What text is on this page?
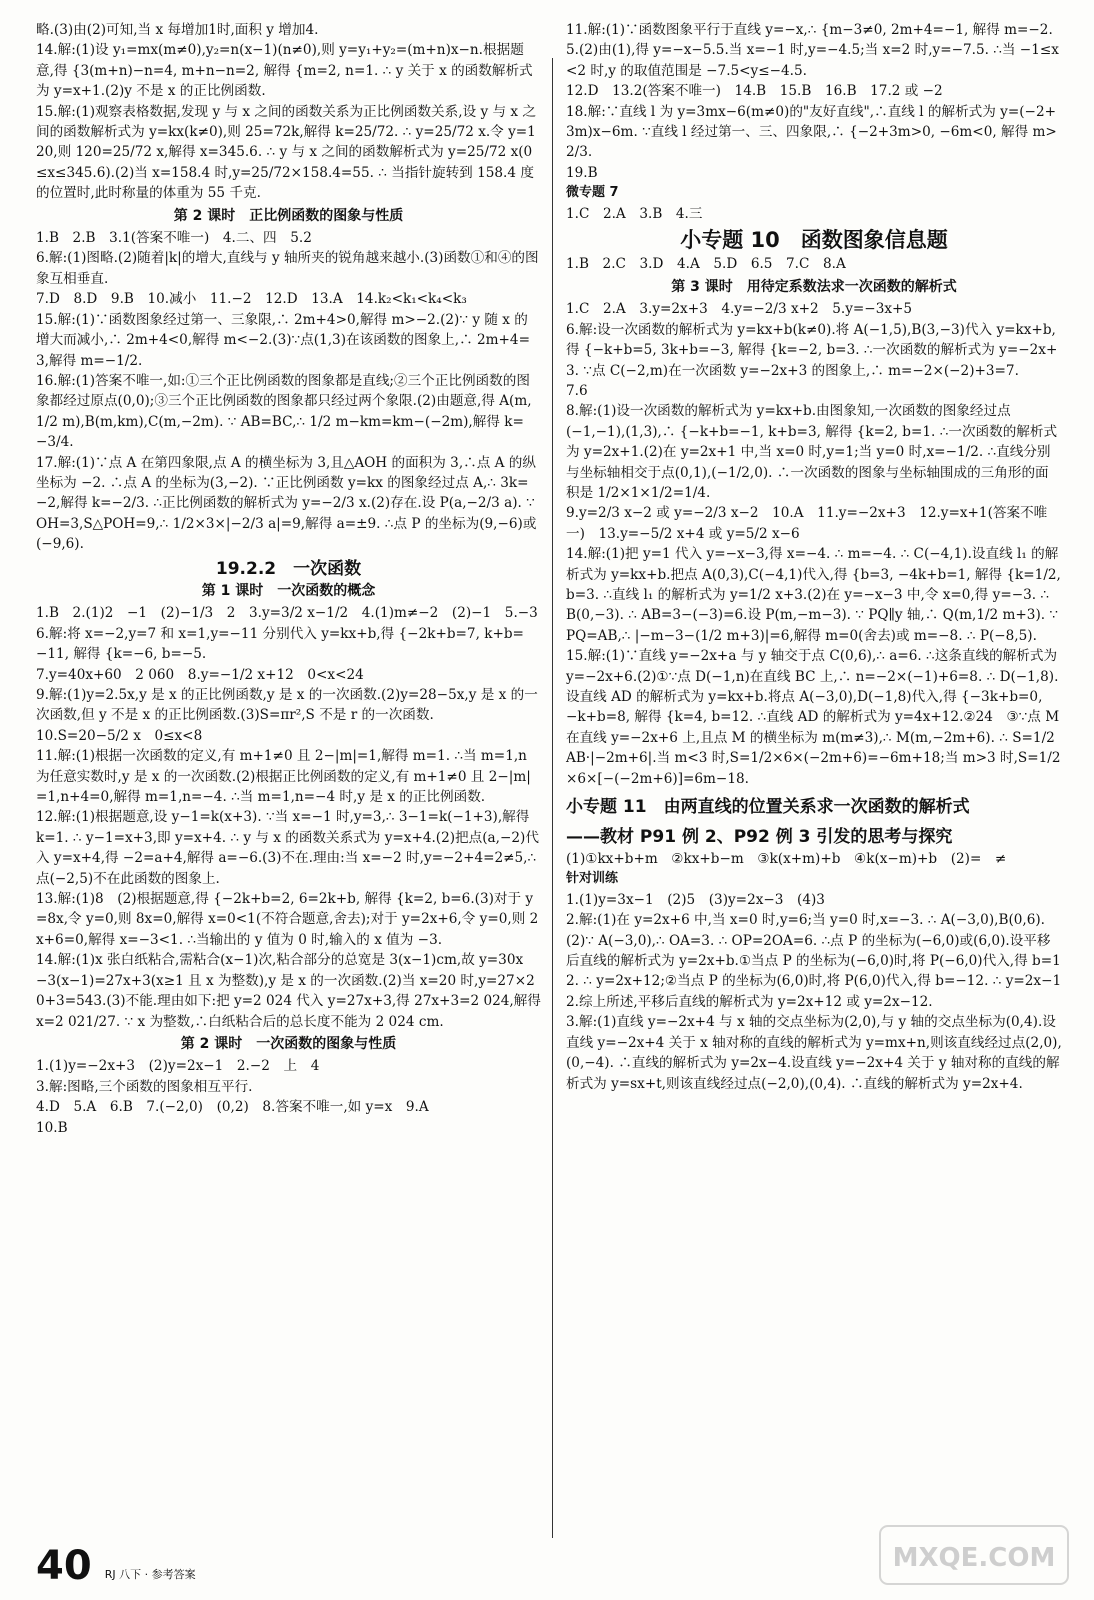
略.(3)由(2)可知,当 x 每增加1时,面积 y 增加4.

14.解:(1)设 y₁=mx(m≠0),y₂=n(x−1)(n≠0),则 y=y₁+y₂=(m+n)x−n.根据题意,得 {3(m+n)−n=4, m+n−n=2, 解得 {m=2, n=1. ∴ y 关于 x 的函数解析式为 y=x+1.(2)y 不是 x 的正比例函数.

15.解:(1)观察表格数据,发现 y 与 x 之间的函数关系为正比例函数关系,设 y 与 x 之间的函数解析式为 y=kx(k≠0),则 25=72k,解得 k=25/72. ∴ y=25/72 x.令 y=120,则 120=25/72 x,解得 x=345.6. ∴ y 与 x 之间的函数解析式为 y=25/72 x(0≤x≤345.6).(2)当 x=158.4 时,y=25/72×158.4=55. ∴ 当指针旋转到 158.4 度的位置时,此时称量的体重为 55 千克.

第 2 课时　正比例函数的图象与性质

1.B　2.B　3.1(答案不唯一)　4.二、四　5.2

6.解:(1)图略.(2)随着|k|的增大,直线与 y 轴所夹的锐角越来越小.(3)函数①和④的图象互相垂直.

7.D　8.D　9.B　10.减小　11.−2　12.D　13.A　14.k₂<k₁<k₄<k₃

15.解:(1)∵函数图象经过第一、三象限,∴ 2m+4>0,解得 m>−2.(2)∵ y 随 x 的增大而减小,∴ 2m+4<0,解得 m<−2.(3)∵点(1,3)在该函数的图象上,∴ 2m+4=3,解得 m=−1/2.

16.解:(1)答案不唯一,如:①三个正比例函数的图象都是直线;②三个正比例函数的图象都经过原点(0,0);③三个正比例函数的图象都只经过两个象限.(2)由题意,得 A(m,1/2 m),B(m,km),C(m,−2m). ∵ AB=BC,∴ 1/2 m−km=km−(−2m),解得 k=−3/4.

17.解:(1)∵点 A 在第四象限,点 A 的横坐标为 3,且△AOH 的面积为 3,∴点 A 的纵坐标为 −2. ∴点 A 的坐标为(3,−2). ∵正比例函数 y=kx 的图象经过点 A,∴ 3k=−2,解得 k=−2/3. ∴正比例函数的解析式为 y=−2/3 x.(2)存在.设 P(a,−2/3 a). ∵ OH=3,S△POH=9,∴ 1/2×3×|−2/3 a|=9,解得 a=±9. ∴点 P 的坐标为(9,−6)或(−9,6).

19.2.2　一次函数
第 1 课时　一次函数的概念

1.B　2.(1)2　−1　(2)−1/3　2　3.y=3/2 x−1/2　4.(1)m≠−2　(2)−1　5.−3

6.解:将 x=−2,y=7 和 x=1,y=−11 分别代入 y=kx+b,得 {−2k+b=7, k+b=−11, 解得 {k=−6, b=−5.

7.y=40x+60　2 060　8.y=−1/2 x+12　0<x<24

9.解:(1)y=2.5x,y 是 x 的正比例函数,y 是 x 的一次函数.(2)y=28−5x,y 是 x 的一次函数,但 y 不是 x 的正比例函数.(3)S=πr²,S 不是 r 的一次函数.

10.S=20−5/2 x　0≤x<8

11.解:(1)根据一次函数的定义,有 m+1≠0 且 2−|m|=1,解得 m=1. ∴当 m=1,n 为任意实数时,y 是 x 的一次函数.(2)根据正比例函数的定义,有 m+1≠0 且 2−|m|=1,n+4=0,解得 m=1,n=−4. ∴当 m=1,n=−4 时,y 是 x 的正比例函数.

12.解:(1)根据题意,设 y−1=k(x+3). ∵当 x=−1 时,y=3,∴ 3−1=k(−1+3),解得 k=1. ∴ y−1=x+3,即 y=x+4. ∴ y 与 x 的函数关系式为 y=x+4.(2)把点(a,−2)代入 y=x+4,得 −2=a+4,解得 a=−6.(3)不在.理由:当 x=−2 时,y=−2+4=2≠5,∴点(−2,5)不在此函数的图象上.

13.解:(1)8　(2)根据题意,得 {−2k+b=2, 6=2k+b, 解得 {k=2, b=6.(3)对于 y=8x,令 y=0,则 8x=0,解得 x=0<1(不符合题意,舍去);对于 y=2x+6,令 y=0,则 2x+6=0,解得 x=−3<1. ∴当输出的 y 值为 0 时,输入的 x 值为 −3.

14.解:(1)x 张白纸粘合,需粘合(x−1)次,粘合部分的总宽是 3(x−1)cm,故 y=30x−3(x−1)=27x+3(x≥1 且 x 为整数),y 是 x 的一次函数.(2)当 x=20 时,y=27×20+3=543.(3)不能.理由如下:把 y=2 024 代入 y=27x+3,得 27x+3=2 024,解得 x=2 021/27. ∵ x 为整数,∴白纸粘合后的总长度不能为 2 024 cm.

第 2 课时　一次函数的图象与性质

1.(1)y=−2x+3　(2)y=2x−1　2.−2　上　4

3.解:图略,三个函数的图象相互平行.

4.D　5.A　6.B　7.(−2,0)　(0,2)　8.答案不唯一,如 y=x　9.A

10.B

11.解:(1)∵函数图象平行于直线 y=−x,∴ {m−3≠0, 2m+4=−1, 解得 m=−2.5.(2)由(1),得 y=−x−5.5.当 x=−1 时,y=−4.5;当 x=2 时,y=−7.5. ∴当 −1≤x<2 时,y 的取值范围是 −7.5<y≤−4.5.

12.D　13.2(答案不唯一)　14.B　15.B　16.B　17.2 或 −2

18.解:∵直线 l 为 y=3mx−6(m≠0)的"友好直线",∴直线 l 的解析式为 y=(−2+3m)x−6m. ∵直线 l 经过第一、三、四象限,∴ {−2+3m>0, −6m<0, 解得 m>2/3.

19.B

微专题 7

1.C　2.A　3.B　4.三

小专题 10　函数图象信息题

1.B　2.C　3.D　4.A　5.D　6.5　7.C　8.A

第 3 课时　用待定系数法求一次函数的解析式

1.C　2.A　3.y=2x+3　4.y=−2/3 x+2　5.y=−3x+5

6.解:设一次函数的解析式为 y=kx+b(k≠0).将 A(−1,5),B(3,−3)代入 y=kx+b,得 {−k+b=5, 3k+b=−3, 解得 {k=−2, b=3. ∴一次函数的解析式为 y=−2x+3. ∵点 C(−2,m)在一次函数 y=−2x+3 的图象上,∴ m=−2×(−2)+3=7.

7.6

8.解:(1)设一次函数的解析式为 y=kx+b.由图象知,一次函数的图象经过点(−1,−1),(1,3),∴ {−k+b=−1, k+b=3, 解得 {k=2, b=1. ∴一次函数的解析式为 y=2x+1.(2)在 y=2x+1 中,当 x=0 时,y=1;当 y=0 时,x=−1/2. ∴直线分别与坐标轴相交于点(0,1),(−1/2,0). ∴一次函数的图象与坐标轴围成的三角形的面积是 1/2×1×1/2=1/4.

9.y=2/3 x−2 或 y=−2/3 x−2　10.A　11.y=−2x+3　12.y=x+1(答案不唯一)　13.y=−5/2 x+4 或 y=5/2 x−6

14.解:(1)把 y=1 代入 y=−x−3,得 x=−4. ∴ m=−4. ∴ C(−4,1).设直线 l₁ 的解析式为 y=kx+b.把点 A(0,3),C(−4,1)代入,得 {b=3, −4k+b=1, 解得 {k=1/2, b=3. ∴直线 l₁ 的解析式为 y=1/2 x+3.(2)在 y=−x−3 中,令 x=0,得 y=−3. ∴ B(0,−3). ∴ AB=3−(−3)=6.设 P(m,−m−3). ∵ PQ∥y 轴,∴ Q(m,1/2 m+3). ∵ PQ=AB,∴ |−m−3−(1/2 m+3)|=6,解得 m=0(舍去)或 m=−8. ∴ P(−8,5).

15.解:(1)∵直线 y=−2x+a 与 y 轴交于点 C(0,6),∴ a=6. ∴这条直线的解析式为 y=−2x+6.(2)①∵点 D(−1,n)在直线 BC 上,∴ n=−2×(−1)+6=8. ∴ D(−1,8).设直线 AD 的解析式为 y=kx+b.将点 A(−3,0),D(−1,8)代入,得 {−3k+b=0, −k+b=8, 解得 {k=4, b=12. ∴直线 AD 的解析式为 y=4x+12.②24　③∵点 M 在直线 y=−2x+6 上,且点 M 的横坐标为 m(m≠3),∴ M(m,−2m+6). ∴ S=1/2 AB·|−2m+6|.当 m<3 时,S=1/2×6×(−2m+6)=−6m+18;当 m>3 时,S=1/2×6×[−(−2m+6)]=6m−18.

小专题 11　由两直线的位置关系求一次函数的解析式
——教材 P91 例 2、P92 例 3 引发的思考与探究

(1)①kx+b+m　②kx+b−m　③k(x+m)+b　④k(x−m)+b　(2)=　≠

针对训练

1.(1)y=3x−1　(2)5　(3)y=2x−3　(4)3

2.解:(1)在 y=2x+6 中,当 x=0 时,y=6;当 y=0 时,x=−3. ∴ A(−3,0),B(0,6).(2)∵ A(−3,0),∴ OA=3. ∴ OP=2OA=6. ∴点 P 的坐标为(−6,0)或(6,0).设平移后直线的解析式为 y=2x+b.①当点 P 的坐标为(−6,0)时,将 P(−6,0)代入,得 b=12. ∴ y=2x+12;②当点 P 的坐标为(6,0)时,将 P(6,0)代入,得 b=−12. ∴ y=2x−12.综上所述,平移后直线的解析式为 y=2x+12 或 y=2x−12.

3.解:(1)直线 y=−2x+4 与 x 轴的交点坐标为(2,0),与 y 轴的交点坐标为(0,4).设直线 y=−2x+4 关于 x 轴对称的直线的解析式为 y=mx+n,则该直线经过点(2,0),(0,−4). ∴直线的解析式为 y=2x−4.设直线 y=−2x+4 关于 y 轴对称的直线的解析式为 y=sx+t,则该直线经过点(−2,0),(0,4). ∴直线的解析式为 y=2x+4.

40 RJ 八下 · 参考答案
MXQE.COM
